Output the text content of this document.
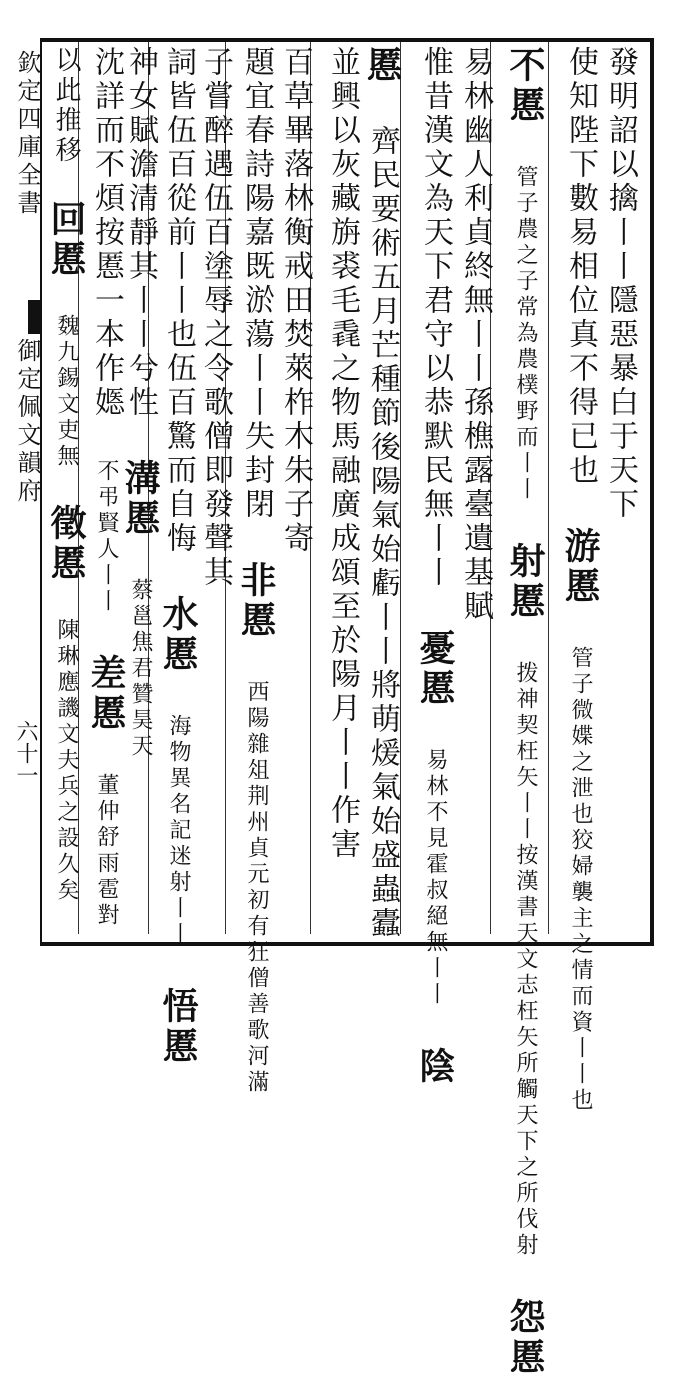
欽定四庫全書 　　 御定佩文韻府
六十一
發明詔以擒丨丨隱惡暴白于天下
使知陛下數易相位真不得已也 游慝 管子微媟之泄也狡婦襲主之情而資丨丨也
不慝 管子農之子常為農樸野而丨丨 射慝 拨神契枉矢丨丨按漢書天文志枉矢所觸天下之所伐射 怨慝
易林幽人利貞終無丨丨孫樵露臺遺基賦
惟昔漢文為天下君守以恭默民無丨丨 憂慝 易林不見霍叔絕無丨丨 陰
慝 齊民要術五月芒種節後陽氣始虧丨丨將萌煖氣始盛蟲蠹
並興以灰藏旃裘毛毳之物馬融廣成頌至於陽月丨丨作害
百草畢落林衡戒田焚萊柞木朱子寄
題宜春詩陽嘉既淤蕩丨丨失封閉 非慝 西陽雜俎荆州貞元初有狂僧善歌河滿
子嘗醉遇伍百塗辱之令歌僧即發聲其
詞皆伍百從前丨丨也伍百驚而自悔 水慝 海物異名記迷射丨丨 悟慝
神女賦澹清靜其丨丨兮性 溝慝 蔡邕焦君贊昊天
沈詳而不煩按慝一本作嫕 不弔賢人丨丨 差慝 董仲舒雨雹對
以此推移 回慝 魏九錫文吏無 徵慝 陳琳應譏文夫兵之設久矣
